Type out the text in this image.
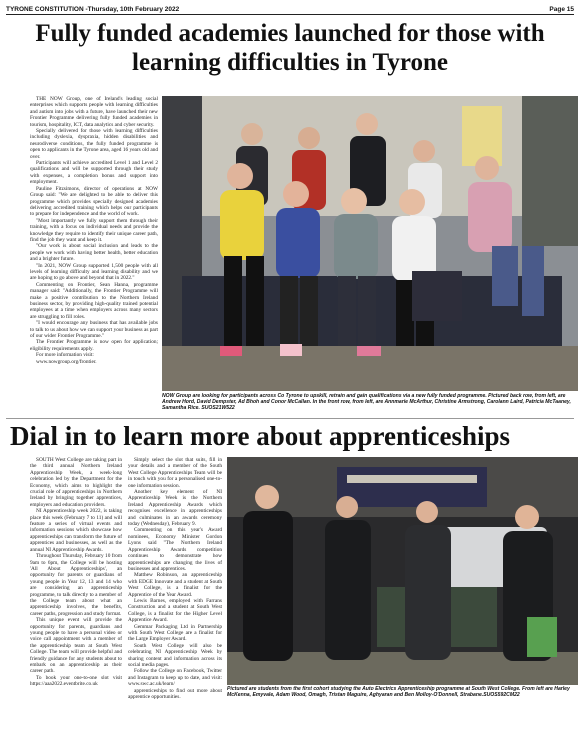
TYRONE CONSTITUTION -Thursday, 10th February 2022	Page 15
Fully funded academies launched for those with learning difficulties in Tyrone

THE NOW Group, one of Ireland's leading social enterprises which supports people with learning difficulties and autism into jobs with a future, have launched their new Frontier Programme delivering fully funded academies in tourism, hospitality, ICT, data analytics and cyber security.

Specially delivered for those with learning difficulties including dyslexia, dyspraxia, hidden disabilities and neurodiverse conditions, the fully funded programme is open to applicants in the Tyrone area, aged 16 years old and over.

Participants will achieve accredited Level 1 and Level 2 qualifications and will be supported through their study with expenses, a completion bonus and support into employment.

Pauline Fitzsimons, director of operations at NOW Group said: "We are delighted to be able to deliver this programme which provides specially designed academies delivering accredited training which helps our participants to prepare for independence and the world of work.

"Most importantly we fully support them through their training, with a focus on individual needs and provide the knowledge they require to identify their unique career path, find the job they want and keep it.

"Our work is about social inclusion and leads to the people we work with having better health, better education and a brighter future.

"In 2021, NOW Group supported 1,500 people with all levels of learning difficulty and learning disability and we are hoping to go above and beyond that in 2022."

Commenting on Frontier, Sean Hanna, programme manager said: "Additionally, the Frontier Programme will make a positive contribution to the Northern Ireland business sector, by providing high-quality trained potential employees at a time when employers across many sectors are struggling to fill roles.

"I would encourage any business that has available jobs to talk to us about how we can support your business as part of our wider Frontier Programme."

The Frontier Programme is now open for application; eligibility requirements apply.

For more information visit:

www.nowgroup.org/frontier.

NOW Group are looking for participants across Co Tyrone to upskill, retrain and gain qualifications via a new fully funded programme. Pictured back row, from left, are Andrew Hord, David Dempster, Ad Bhoh and Conor McCallan. In the front row, from left, are Annmarie McArthur, Christine Armstrong, Carolann Laird, Patricia McTaaney, Samantha Rice. SUOS21W522
Dial in to learn more about apprenticeships

SOUTH West College are taking part in the third annual Northern Ireland Apprenticeship Week, a week-long celebration led by the Department for the Economy, which aims to highlight the crucial role of apprenticeships in Northern Ireland by bringing together apprentices, employers and education providers.

NI Apprenticeship week 2022, is taking place this week (February 7 to 11) and will feature a series of virtual events and information sessions which showcase how apprenticeships can transform the future of apprentices and businesses, as well as the annual NI Apprenticeship Awards.

Throughout Thursday, February 10 from 9am to 6pm, the College will be hosting 'All About Apprenticeships', an opportunity for parents or guardians of young people in Year 12, 13 and 14 who are considering an apprenticeship programme, to talk directly to a member of the College team about what an apprenticeship involves, the benefits, career paths, progression and study format.

This unique event will provide the opportunity for parents, guardians and young people to have a personal video or voice call appointment with a member of the apprenticeship team at South West College. The team will provide helpful and friendly guidance for any students about to embark on an apprenticeship as their career path.

To book your one-to-one slot visit https://aaa2022.eventbrite.co.uk

Simply select the slot that suits, fill in your details and a member of the South West College Apprenticeships Team will be in touch with you for a personalised one-to-one information session.

Another key element of NI Apprenticeship Week is the Northern Ireland Apprenticeship Awards which recognises excellence in apprenticeships and culminates in an awards ceremony today (Wednesday), February 9.

Commenting on this year's Award nominees, Economy Minister Gordon Lyons said "The Northern Ireland Apprenticeship Awards competition continues to demonstrate how apprenticeships are changing the lives of businesses and apprentices.

Matthew Robinson, an apprenticeship with EDGE Innovate and a student at South West College, is a finalist for the Apprentice of the Year Award.

Lewis Barnes, employed with Farrans Construction and a student at South West College, is a finalist for the Higher Level Apprentice Award.

Gemmar Packaging Ltd in Partnership with South West College are a finalist for the Large Employer Award.

South West College will also be celebrating NI Apprenticeship Week by sharing content and information across its social media pages.

Follow the College on Facebook, Twitter and Instagram to keep up to date, and visit: www.swc.ac.uk/learn/

apprenticeships to find out more about apprentice opportunities.

Pictured are students from the first cohort studying the Auto Electrics Apprenticeship programme at South West College. From left are Harley McKenna, Emyvale, Adam Wood, Omagh, Tristan Maguire, Aghyaran and Ben Molloy-O'Donnell, Strabane.SUOS592CM22
